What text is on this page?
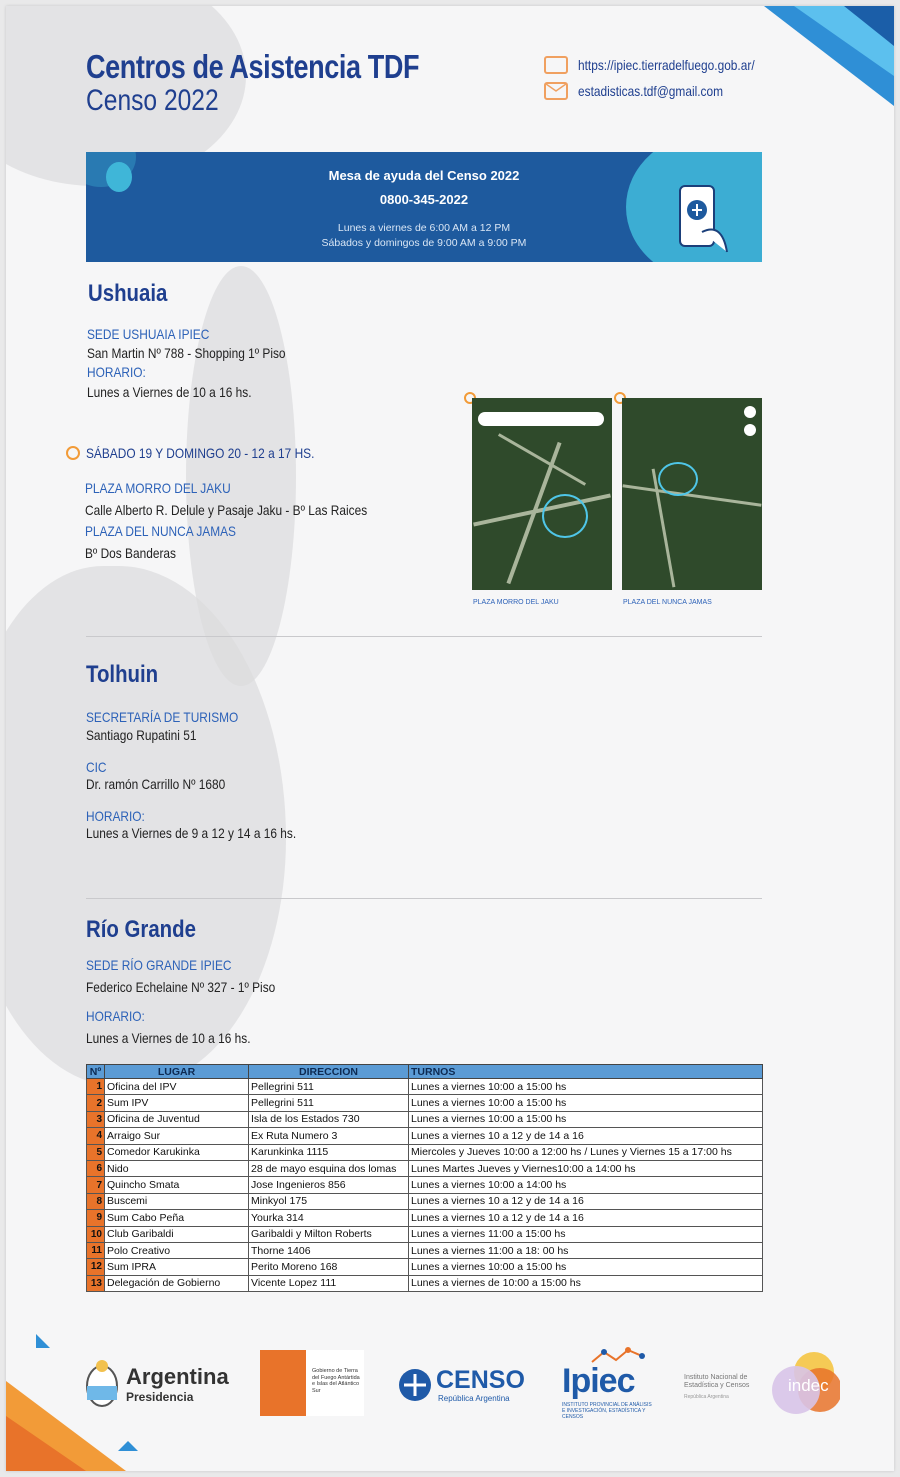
Centros de Asistencia TDF
Censo 2022
https://ipiec.tierradelfuego.gob.ar/
estadisticas.tdf@gmail.com
Mesa de ayuda del Censo 2022
0800-345-2022
Lunes a viernes de 6:00 AM a 12 PM
Sábados y domingos de 9:00 AM a 9:00 PM
Ushuaia
SEDE USHUAIA IPIEC
San Martin Nº 788 - Shopping 1º Piso
HORARIO:
Lunes a Viernes de 10 a 16 hs.
SÁBADO 19 Y DOMINGO 20 - 12 a 17 HS.
PLAZA MORRO DEL JAKU
Calle Alberto R. Delule y Pasaje Jaku - Bº Las Raices
PLAZA DEL NUNCA JAMAS
Bº Dos Banderas
PLAZA MORRO DEL JAKU	PLAZA DEL NUNCA JAMAS
Tolhuin
SECRETARÍA DE TURISMO
Santiago Rupatini 51
CIC
Dr. ramón Carrillo Nº 1680
HORARIO:
Lunes a Viernes de 9 a 12 y 14 a 16 hs.
Río Grande
SEDE RÍO GRANDE IPIEC
Federico Echelaine Nº 327 - 1º Piso
HORARIO:
Lunes a Viernes de 10 a 16 hs.
Nº	LUGAR	DIRECCION	TURNOS
1	Oficina del IPV	Pellegrini 511	Lunes a viernes 10:00 a 15:00 hs
2	Sum IPV	Pellegrini 511	Lunes a viernes 10:00 a 15:00 hs
3	Oficina de Juventud	Isla de los Estados 730	Lunes a viernes 10:00 a 15:00 hs
4	Arraigo Sur	Ex Ruta Numero 3	Lunes a viernes 10 a 12 y de 14 a 16
5	Comedor Karukinka	Karunkinka 1115	Miercoles y Jueves 10:00 a 12:00 hs / Lunes y Viernes 15 a 17:00 hs
6	Nido	28 de mayo esquina dos lomas	Lunes Martes Jueves y Viernes10:00 a 14:00 hs
7	Quincho Smata	Jose Ingenieros 856	Lunes a viernes 10:00 a 14:00 hs
8	Buscemi	Minkyol 175	Lunes a viernes 10 a 12 y de 14 a 16
9	Sum Cabo Peña	Yourka 314	Lunes a viernes 10 a 12 y de 14 a 16
10	Club Garibaldi	Garibaldi y Milton Roberts	Lunes a viernes 11:00 a 15:00 hs
11	Polo Creativo	Thorne 1406	Lunes a viernes 11:00 a 18: 00 hs
12	Sum IPRA	Perito Moreno 168	Lunes a viernes 10:00 a 15:00 hs
13	Delegación de Gobierno	Vicente Lopez 111	Lunes a viernes de 10:00 a 15:00 hs
Argentina
Presidencia
Gobierno de Tierra del Fuego Antártida e Islas del Atlántico Sur	CENSO
República Argentina Ipiec
INSTITUTO PROVINCIAL DE ANÁLISIS E INVESTIGACIÓN, ESTADÍSTICA Y CENSOS
Instituto Nacional de Estadística y Censos
República Argentina
indec
